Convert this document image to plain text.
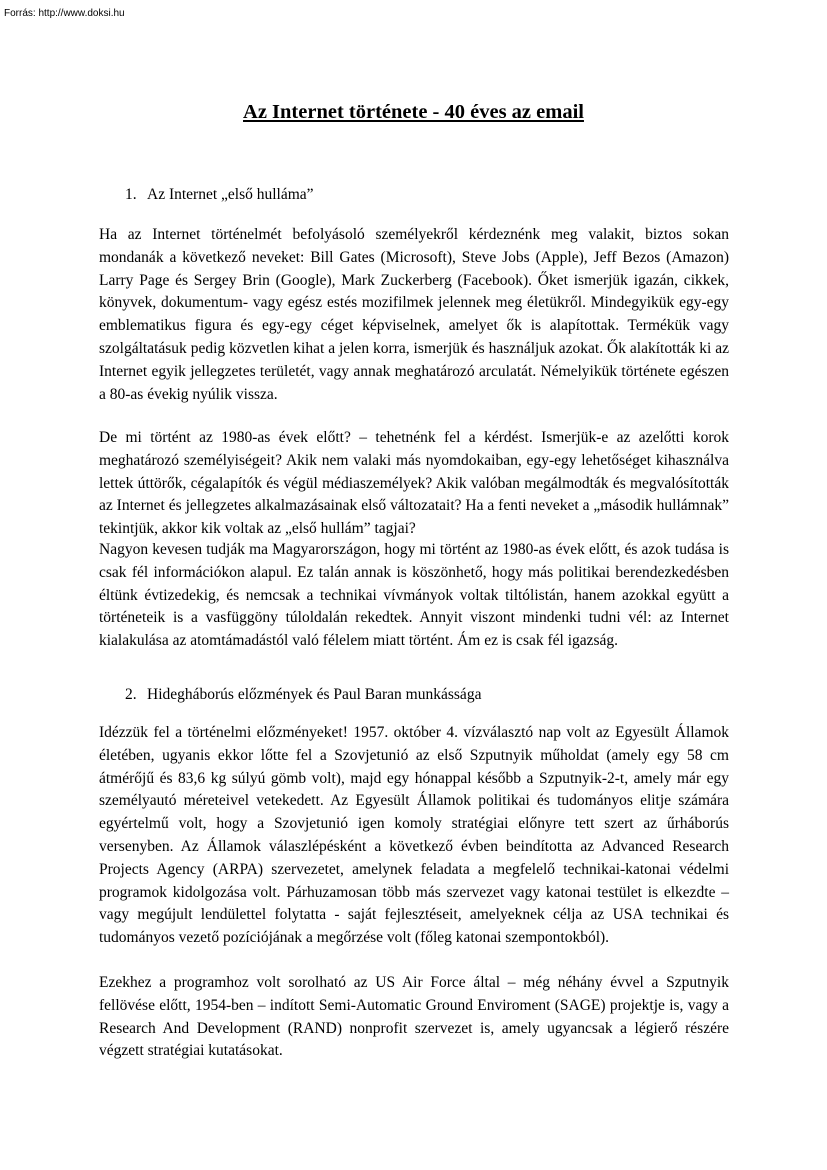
Forrás: http://www.doksi.hu
Az Internet története - 40 éves az email
1. Az Internet „első hulláma”

Ha az Internet történelmét befolyásoló személyekről kérdeznénk meg valakit, biztos sokan mondanák a következő neveket: Bill Gates (Microsoft), Steve Jobs (Apple), Jeff Bezos (Amazon) Larry Page és Sergey Brin (Google), Mark Zuckerberg (Facebook). Őket ismerjük igazán, cikkek, könyvek, dokumentum- vagy egész estés mozifilmek jelennek meg életükről. Mindegyikük egy-egy emblematikus figura és egy-egy céget képviselnek, amelyet ők is alapítottak. Termékük vagy szolgáltatásuk pedig közvetlen kihat a jelen korra, ismerjük és használjuk azokat. Ők alakították ki az Internet egyik jellegzetes területét, vagy annak meghatározó arculatát. Némelyikük története egészen a 80-as évekig nyúlik vissza.

De mi történt az 1980-as évek előtt? – tehetnénk fel a kérdést. Ismerjük-e az azelőtti korok meghatározó személyiségeit? Akik nem valaki más nyomdokaiban, egy-egy lehetőséget kihasználva lettek úttörők, cégalapítók és végül médiaszemélyek? Akik valóban megálmodták és megvalósították az Internet és jellegzetes alkalmazásainak első változatait? Ha a fenti neveket a „második hullámnak” tekintjük, akkor kik voltak az „első hullám” tagjai?

Nagyon kevesen tudják ma Magyarországon, hogy mi történt az 1980-as évek előtt, és azok tudása is csak fél információkon alapul. Ez talán annak is köszönhető, hogy más politikai berendezkedésben éltünk évtizedekig, és nemcsak a technikai vívmányok voltak tiltólistán, hanem azokkal együtt a történeteik is a vasfüggöny túloldalán rekedtek. Annyit viszont mindenki tudni vél: az Internet kialakulása az atomtámadástól való félelem miatt történt. Ám ez is csak fél igazság.

2. Hidegháborús előzmények és Paul Baran munkássága

Idézzük fel a történelmi előzményeket! 1957. október 4. vízválasztó nap volt az Egyesült Államok életében, ugyanis ekkor lőtte fel a Szovjetunió az első Szputnyik műholdat (amely egy 58 cm átmérőjű és 83,6 kg súlyú gömb volt), majd egy hónappal később a Szputnyik-2-t, amely már egy személyautó méreteivel vetekedett. Az Egyesült Államok politikai és tudományos elitje számára egyértelmű volt, hogy a Szovjetunió igen komoly stratégiai előnyre tett szert az űrháborús versenyben. Az Államok válaszlépésként a következő évben beindította az Advanced Research Projects Agency (ARPA) szervezetet, amelynek feladata a megfelelő technikai-katonai védelmi programok kidolgozása volt. Párhuzamosan több más szervezet vagy katonai testület is elkezdte – vagy megújult lendülettel folytatta - saját fejlesztéseit, amelyeknek célja az USA technikai és tudományos vezető pozíciójának a megőrzése volt (főleg katonai szempontokból).

Ezekhez a programhoz volt sorolható az US Air Force által – még néhány évvel a Szputnyik fellövése előtt, 1954-ben – indított Semi-Automatic Ground Enviroment (SAGE) projektje is, vagy a Research And Development (RAND) nonprofit szervezet is, amely ugyancsak a légierő részére végzett stratégiai kutatásokat.
